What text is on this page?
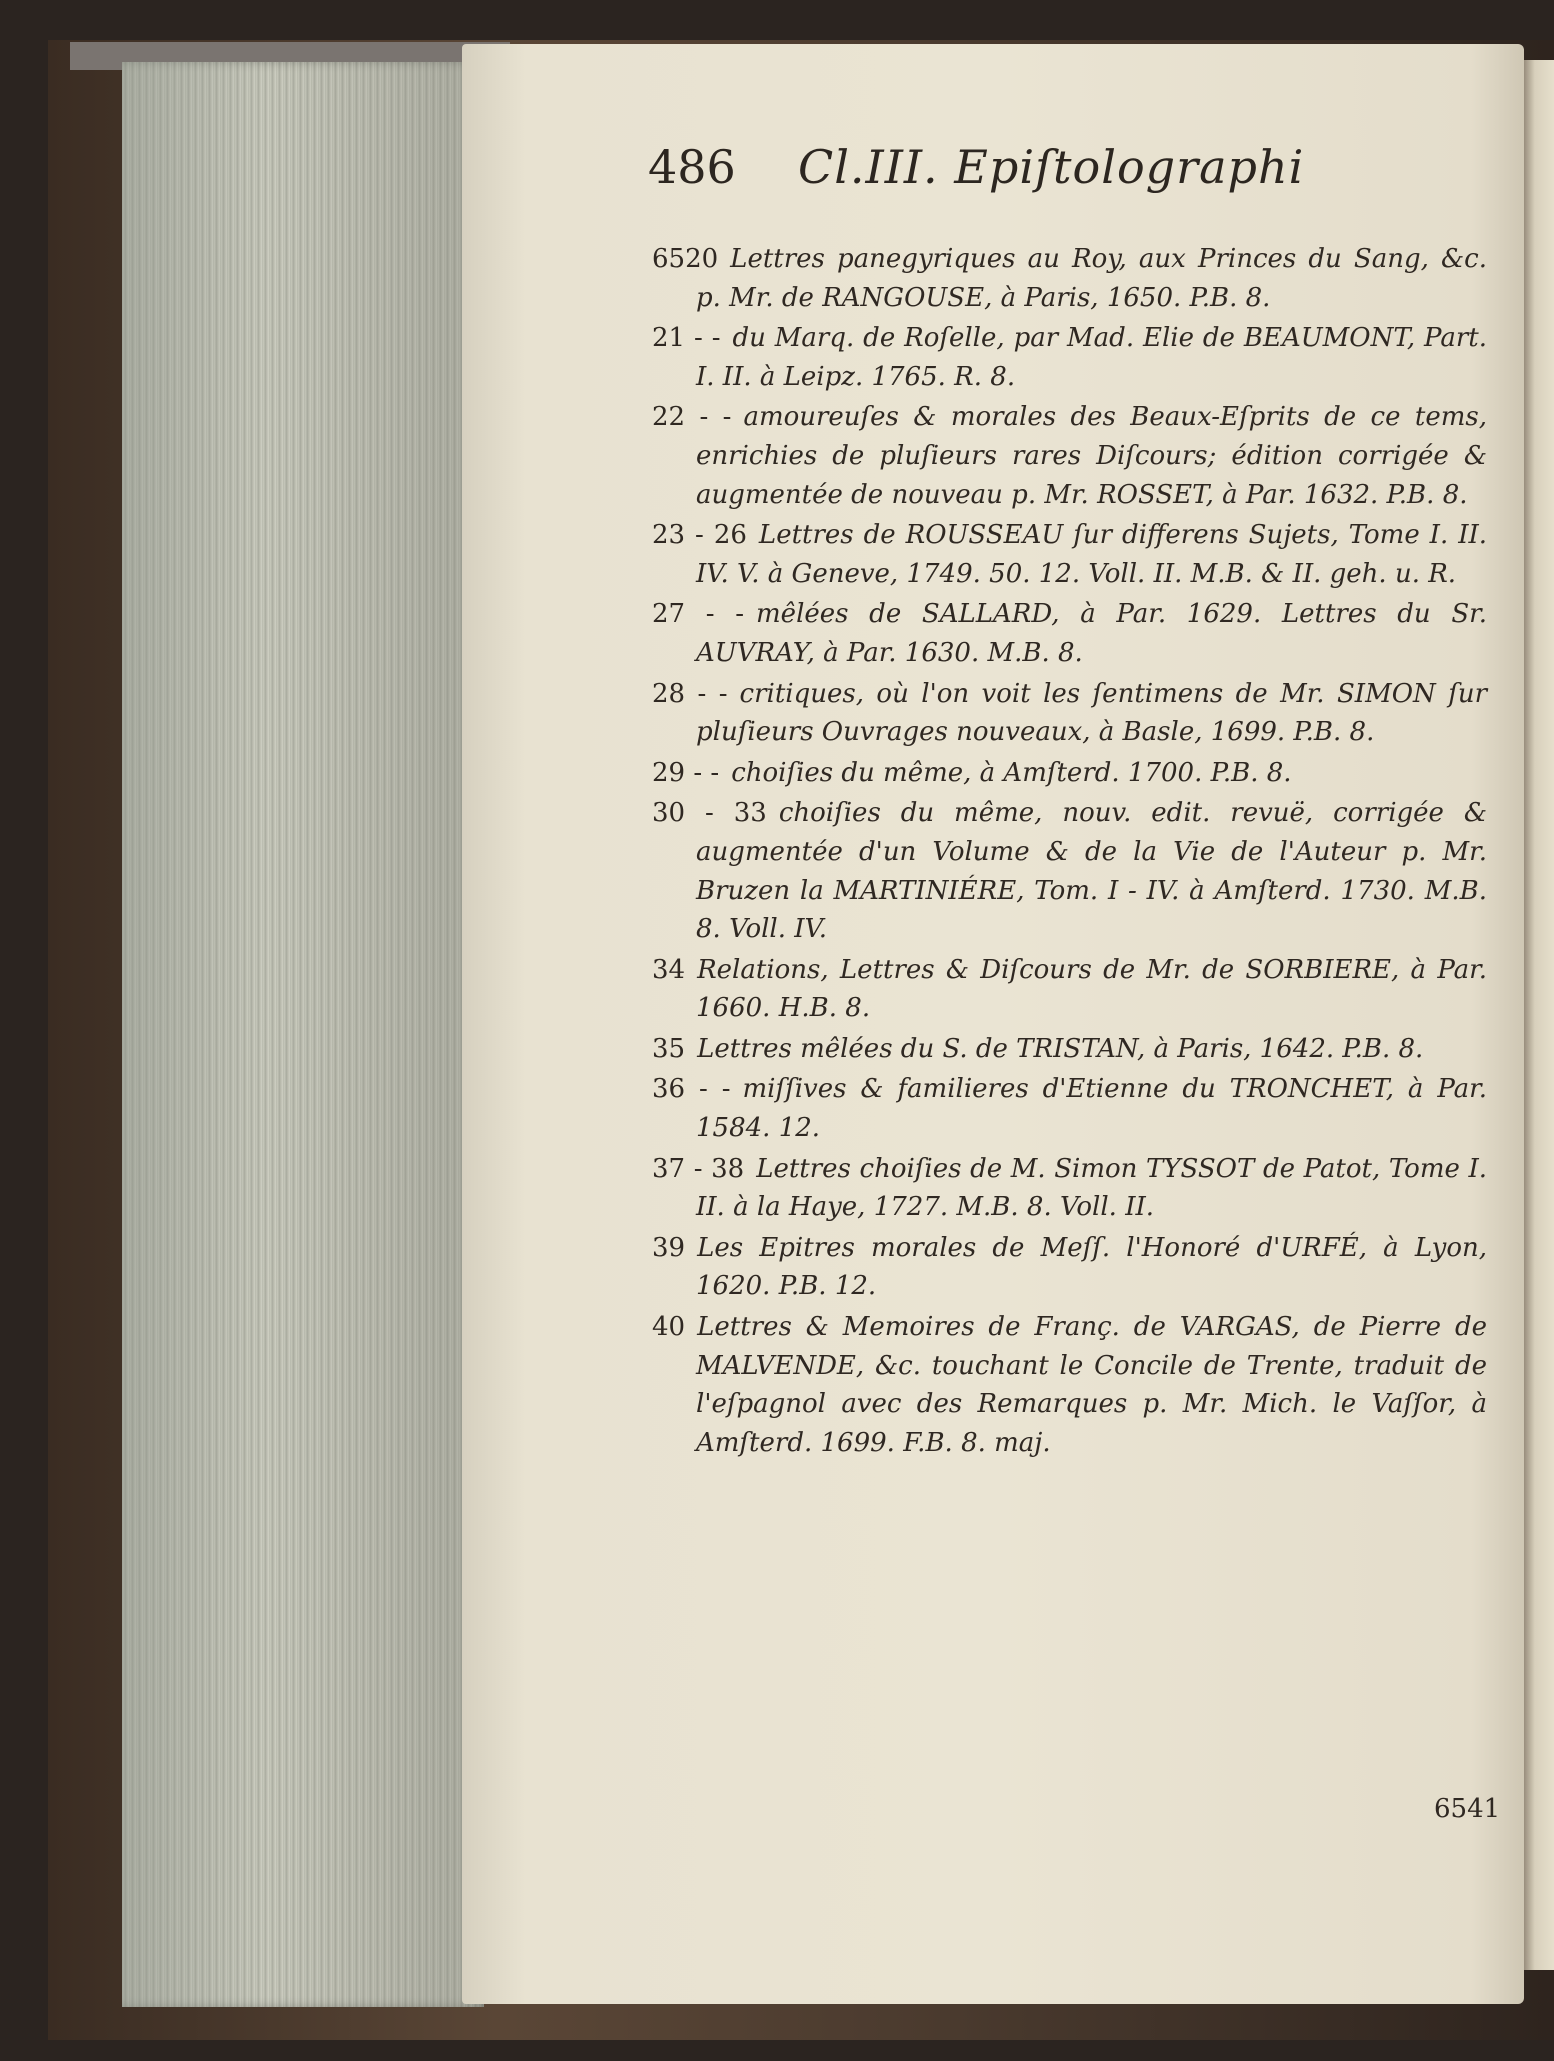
486 Cl.III. Epiſtolographi

6520 Lettres panegyriques au Roy, aux Princes du Sang, &c. p. Mr. de RANGOUSE, à Paris, 1650. P.B. 8.

21 - - du Marq. de Roſelle, par Mad. Elie de BEAUMONT, Part. I. II. à Leipz. 1765. R. 8.

22 - - amoureuſes & morales des Beaux-Eſprits de ce tems, enrichies de pluſieurs rares Diſcours; édition corrigée & augmentée de nouveau p. Mr. ROSSET, à Par. 1632. P.B. 8.

23 - 26 Lettres de ROUSSEAU ſur differens Sujets, Tome I. II. IV. V. à Geneve, 1749. 50. 12. Voll. II. M.B. & II. geh. u. R.

27 - - mêlées de SALLARD, à Par. 1629. Lettres du Sr. AUVRAY, à Par. 1630. M.B. 8.

28 - - critiques, où l'on voit les ſentimens de Mr. SIMON ſur pluſieurs Ouvrages nouveaux, à Basle, 1699. P.B. 8.

29 - - choiſies du même, à Amſterd. 1700. P.B. 8.

30 - 33 choiſies du même, nouv. edit. revuë, corrigée & augmentée d'un Volume & de la Vie de l'Auteur p. Mr. Bruzen la MARTINIÉRE, Tom. I - IV. à Amſterd. 1730. M.B. 8. Voll. IV.

34 Relations, Lettres & Diſcours de Mr. de SORBIERE, à Par. 1660. H.B. 8.

35 Lettres mêlées du S. de TRISTAN, à Paris, 1642. P.B. 8.

36 - - miſſives & familieres d'Etienne du TRONCHET, à Par. 1584. 12.

37 - 38 Lettres choiſies de M. Simon TYSSOT de Patot, Tome I. II. à la Haye, 1727. M.B. 8. Voll. II.

39 Les Epitres morales de Meſſ. l'Honoré d'URFÉ, à Lyon, 1620. P.B. 12.

40 Lettres & Memoires de Franç. de VARGAS, de Pierre de MALVENDE, &c. touchant le Concile de Trente, traduit de l'eſpagnol avec des Remarques p. Mr. Mich. le Vaſſor, à Amſterd. 1699. F.B. 8. maj.

6541
